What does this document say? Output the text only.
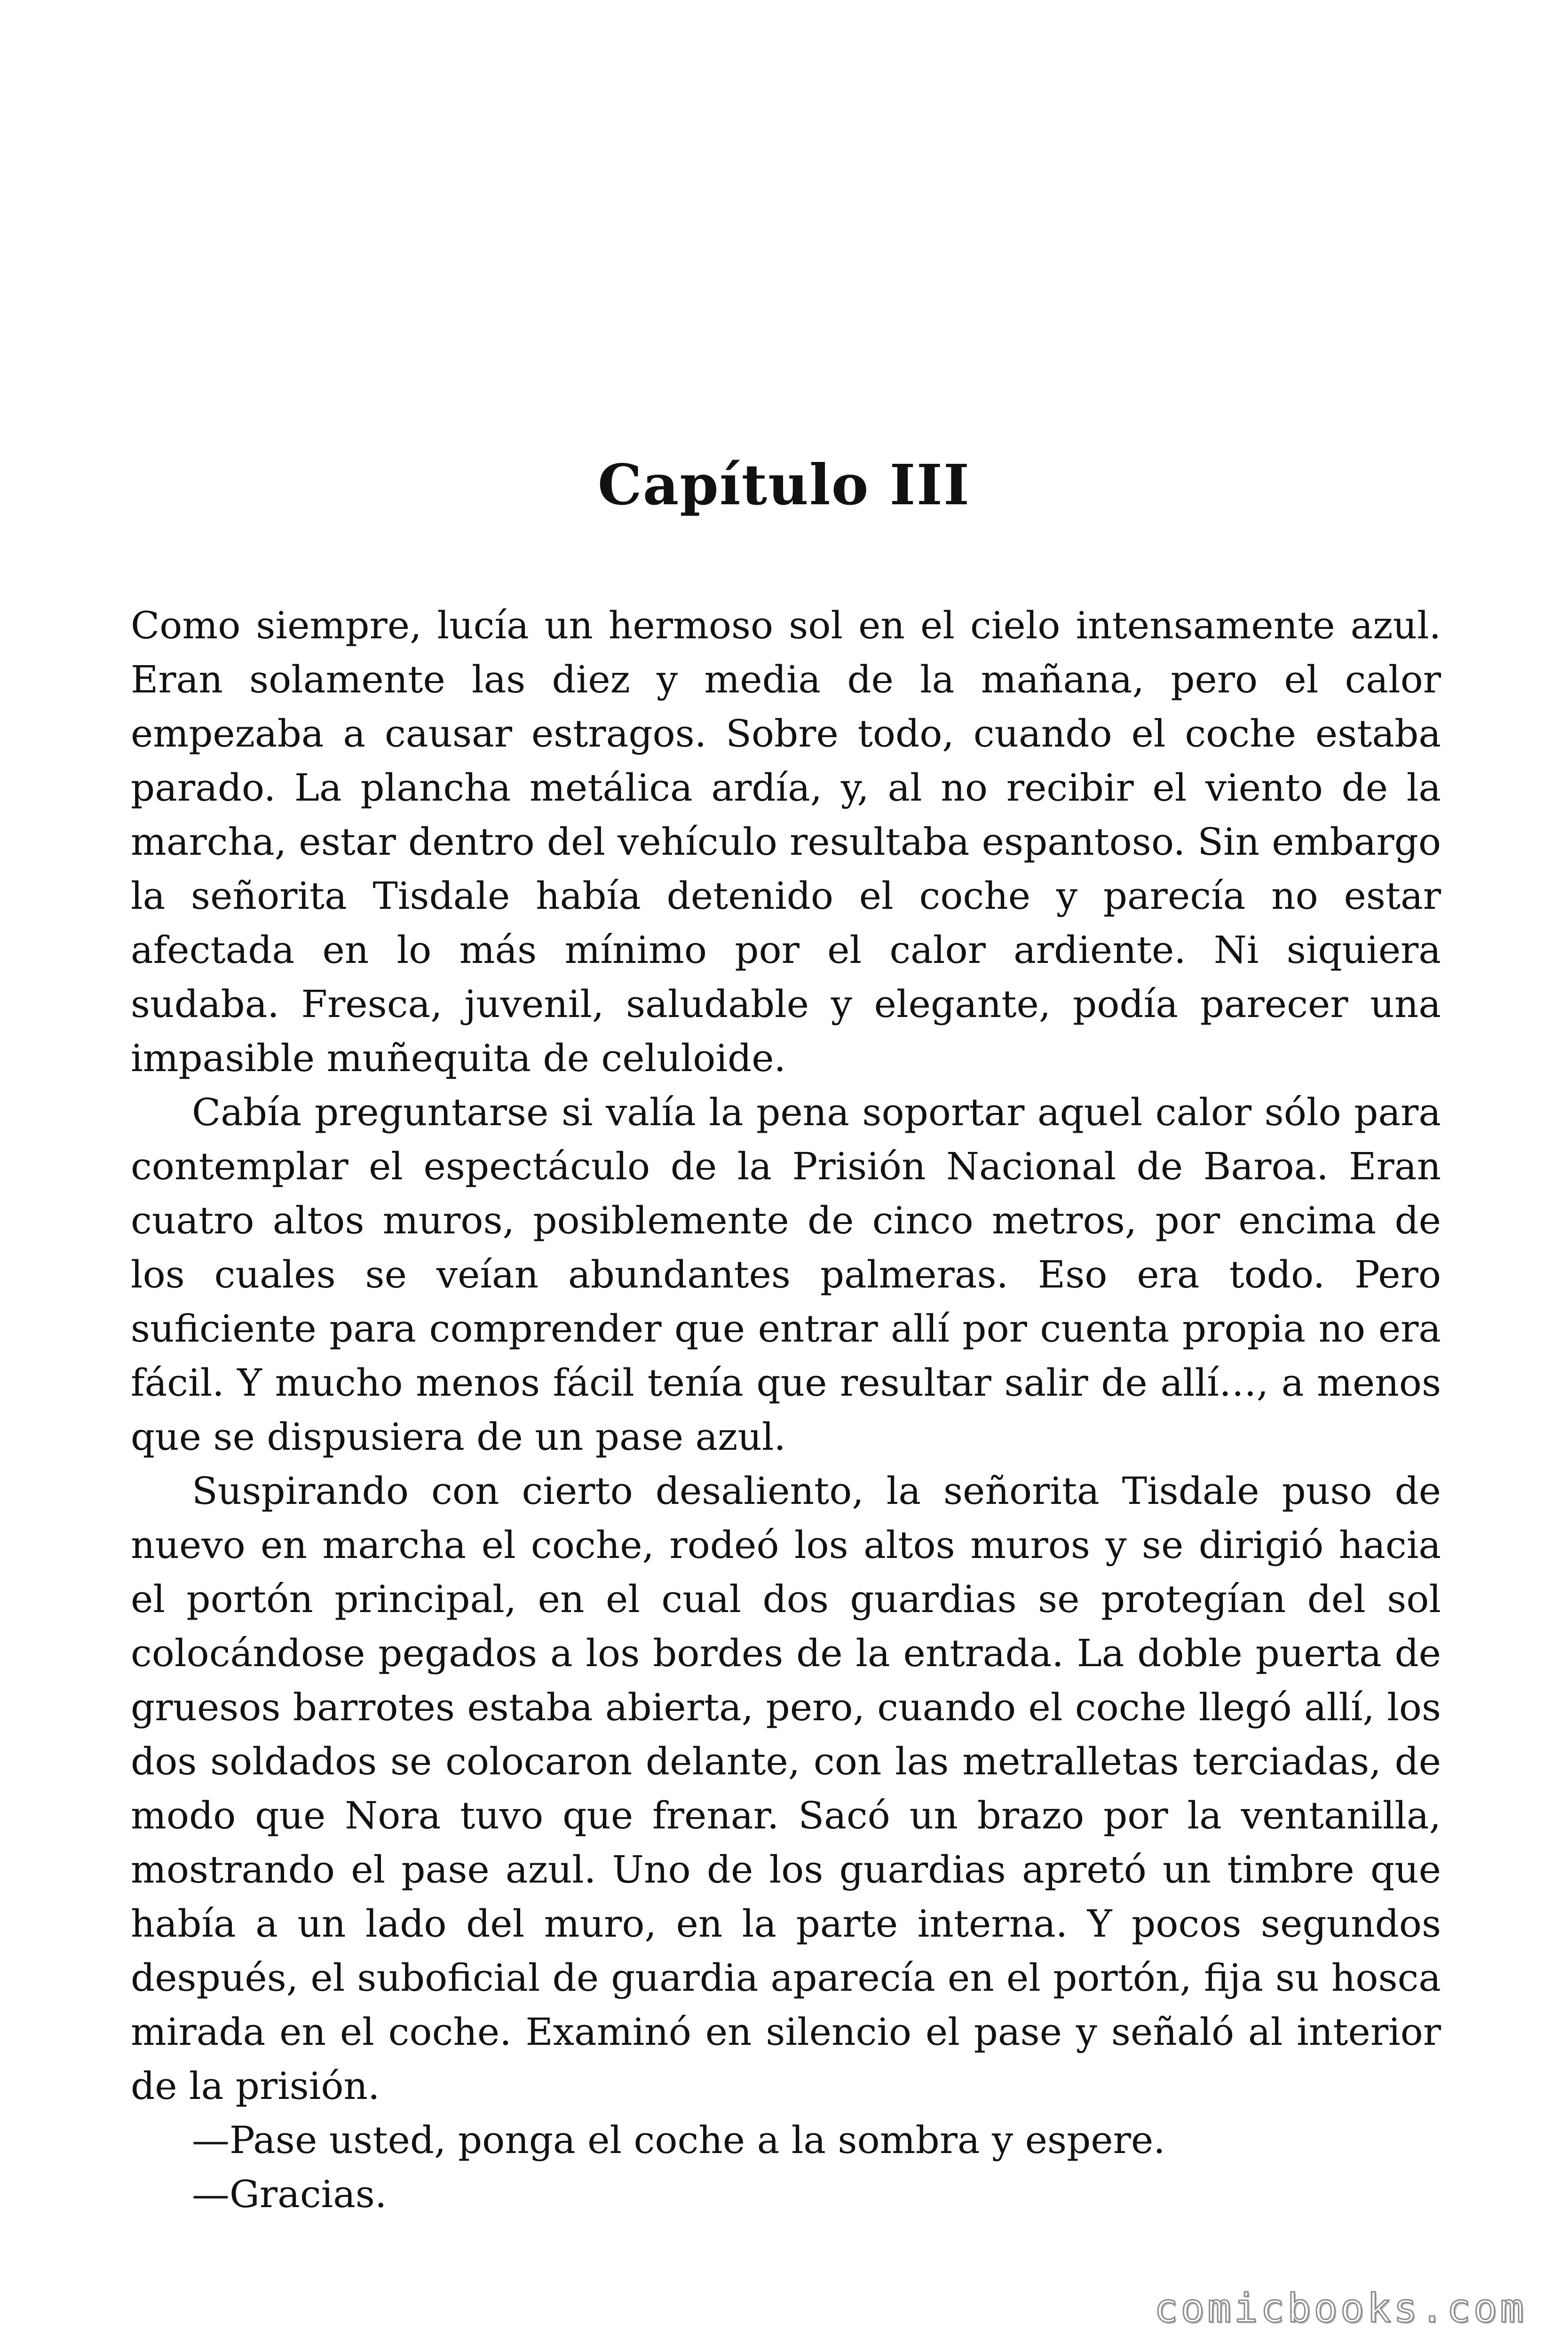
Capítulo III

Como siempre, lucía un hermoso sol en el cielo intensamente azul. Eran solamente las diez y media de la mañana, pero el calor empezaba a causar estragos. Sobre todo, cuando el coche estaba parado. La plancha metálica ardía, y, al no recibir el viento de la marcha, estar dentro del vehículo resultaba espantoso. Sin embargo la señorita Tisdale había detenido el coche y parecía no estar afectada en lo más mínimo por el calor ardiente. Ni siquiera sudaba. Fresca, juvenil, saludable y elegante, podía parecer una impasible muñequita de celuloide.

Cabía preguntarse si valía la pena soportar aquel calor sólo para contemplar el espectáculo de la Prisión Nacional de Baroa. Eran cuatro altos muros, posiblemente de cinco metros, por encima de los cuales se veían abundantes palmeras. Eso era todo. Pero suficiente para comprender que entrar allí por cuenta propia no era fácil. Y mucho menos fácil tenía que resultar salir de allí…, a menos que se dispusiera de un pase azul.

Suspirando con cierto desaliento, la señorita Tisdale puso de nuevo en marcha el coche, rodeó los altos muros y se dirigió hacia el portón principal, en el cual dos guardias se protegían del sol colocándose pegados a los bordes de la entrada. La doble puerta de gruesos barrotes estaba abierta, pero, cuando el coche llegó allí, los dos soldados se colocaron delante, con las metralletas terciadas, de modo que Nora tuvo que frenar. Sacó un brazo por la ventanilla, mostrando el pase azul. Uno de los guardias apretó un timbre que había a un lado del muro, en la parte interna. Y pocos segundos después, el suboficial de guardia aparecía en el portón, fija su hosca mirada en el coche. Examinó en silencio el pase y señaló al interior de la prisión.

—Pase usted, ponga el coche a la sombra y espere.

—Gracias.

comicbooks.com
